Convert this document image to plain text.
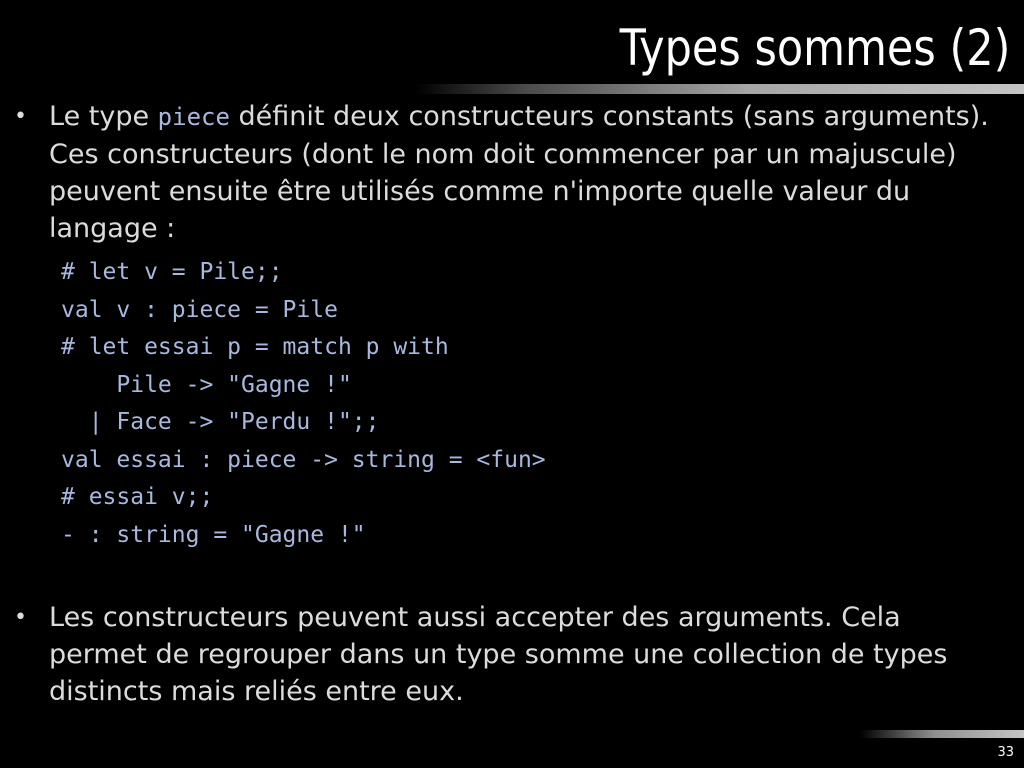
Types sommes (2)
• Le type piece définit deux constructeurs constants (sans arguments). Ces constructeurs (dont le nom doit commencer par un majuscule) peuvent ensuite être utilisés comme n'importe quelle valeur du langage :
# let v = Pile;;
val v : piece = Pile
# let essai p = match p with
Pile -> "Gagne !"
| Face -> "Perdu !";;
val essai : piece -> string = <fun>
# essai v;;
- : string = "Gagne !"
• Les constructeurs peuvent aussi accepter des arguments. Cela permet de regrouper dans un type somme une collection de types distincts mais reliés entre eux.
33
